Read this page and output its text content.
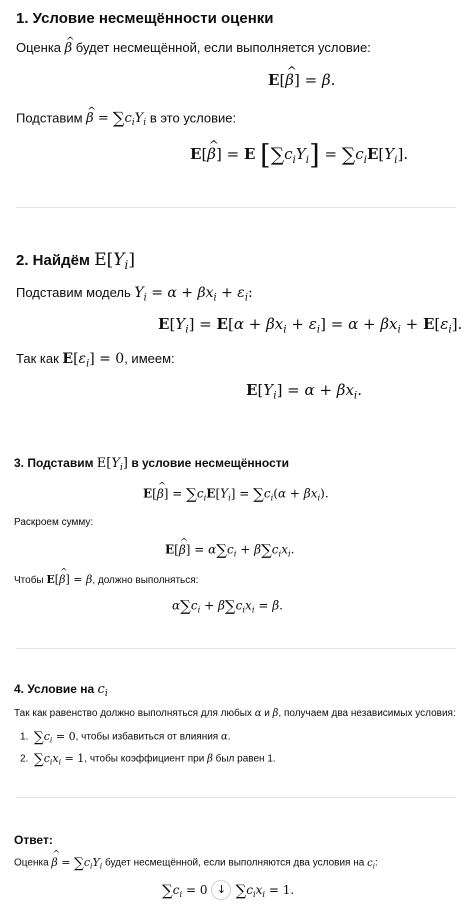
1. Условие несмещённости оценки
Оценка ^ β будет несмещённой, если выполняется условие:
E[^ β] = β.
Подставим ^ $\beta = \sum c_iY_i$ в это условие:
E[^ β] = E $[\sum c_iY_i] = \sum c_iE[Y_i]$.
2. Найдём $E[Y_i]$
Подставим модель $Y_i = \alpha + \beta x_i + \varepsilon_i$:
$E[Y_i] = E[\alpha + \beta x_i + \varepsilon_i] = \alpha + \beta x_i + E[\varepsilon_i]$.
Так как $E[\varepsilon_i] = 0$, имеем:
$E[Y_i] = \alpha + \beta x_i$.
3. Подставим $E[Y_i]$ в условие несмещённости
E[^ $\beta] = \sum c_iE[Y_i] = \sum c_i(\alpha + \beta x_i)$.
Раскроем сумму:
E[^ $\beta] = \alpha\sum c_i + \beta\sum c_ix_i$.
Чтобы E[^ β] = β, должно выполняться:
$\alpha\sum c_i + \beta\sum c_ix_i = \beta$.
4. Условие на $c_i$
Так как равенство должно выполняться для любых α и β, получаем два независимых условия:
1. $\sum c_i = 0$, чтобы избавиться от влияния α.
2. $\sum c_ix_i = 1$, чтобы коэффициент при β был равен 1.
Ответ:
Оценка ^ $\beta = \sum c_iY_i$ будет несмещённой, если выполняются два условия на $c_i$:
$\sum c_i = 0$ ↓ $\sum c_ix_i = 1$.
